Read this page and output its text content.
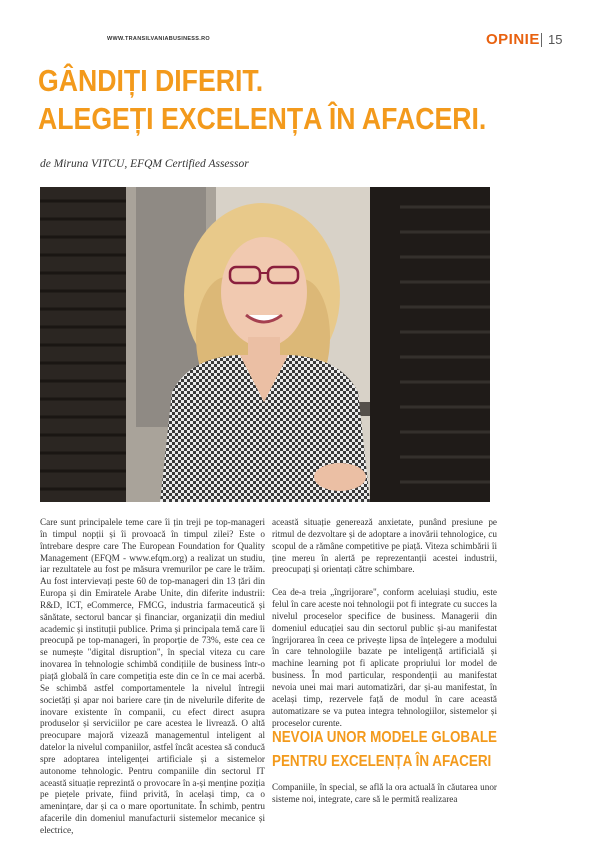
WWW.TRANSILVANIABUSINESS.RO	OPINIE 15
GÂNDIȚI DIFERIT.
ALEGEȚI EXCELENȚA ÎN AFACERI.
de Miruna VITCU, EFQM Certified Assessor

Care sunt principalele teme care îi țin treji pe top-manageri în timpul nopții și îi provoacă în timpul zilei? Este o întrebare despre care The European Foundation for Quality Management (EFQM - www.efqm.org) a realizat un studiu, iar rezultatele au fost pe măsura vremurilor pe care le trăim. Au fost intervievați peste 60 de top-manageri din 13 țări din Europa și din Emiratele Arabe Unite, din diferite industrii: R&D, ICT, eCommerce, FMCG, industria farmaceutică și sănătate, sectorul bancar și financiar, organizații din mediul academic și instituții publice. Prima și principala temă care îi preocupă pe top-manageri, în proporție de 73%, este cea ce se numește "digital disruption", în special viteza cu care inovarea în tehnologie schimbă condițiile de business într-o piață globală în care competiția este din ce în ce mai acerbă. Se schimbă astfel comportamentele la nivelul întregii societăți și apar noi bariere care țin de nivelurile diferite de inovare existente în companii, cu efect direct asupra produselor și serviciilor pe care acestea le livrează. O altă preocupare majoră vizează managementul inteligent al datelor la nivelul companiilor, astfel încât acestea să conducă spre adoptarea inteligenței artificiale și a sistemelor autonome tehnologic. Pentru companiile din sectorul IT această situație reprezintă o provocare în a-și menține poziția pe piețele private, fiind privită, în același timp, ca o amenințare, dar și ca o mare oportunitate. În schimb, pentru afacerile din domeniul manufacturii sistemelor mecanice și electrice,

această situație generează anxietate, punând presiune pe ritmul de dezvoltare și de adoptare a inovării tehnologice, cu scopul de a rămâne competitive pe piață. Viteza schimbării îi ține mereu în alertă pe reprezentanții acestei industrii, preocupați și orientați către schimbare.

Cea de-a treia „îngrijorare", conform aceluiași studiu, este felul în care aceste noi tehnologii pot fi integrate cu succes la nivelul proceselor specifice de business. Managerii din domeniul educației sau din sectorul public și-au manifestat îngrijorarea în ceea ce privește lipsa de înțelegere a modului în care tehnologiile bazate pe inteligență artificială și machine learning pot fi aplicate propriului lor model de business. În mod particular, respondenții au manifestat nevoia unei mai mari automatizări, dar și-au manifestat, în același timp, rezervele față de modul în care această automatizare se va putea integra tehnologiilor, sistemelor și proceselor curente.

NEVOIA UNOR MODELE GLOBALE
PENTRU EXCELENȚA ÎN AFACERI

Companiile, în special, se află la ora actuală în căutarea unor sisteme noi, integrate, care să le permită realizarea
